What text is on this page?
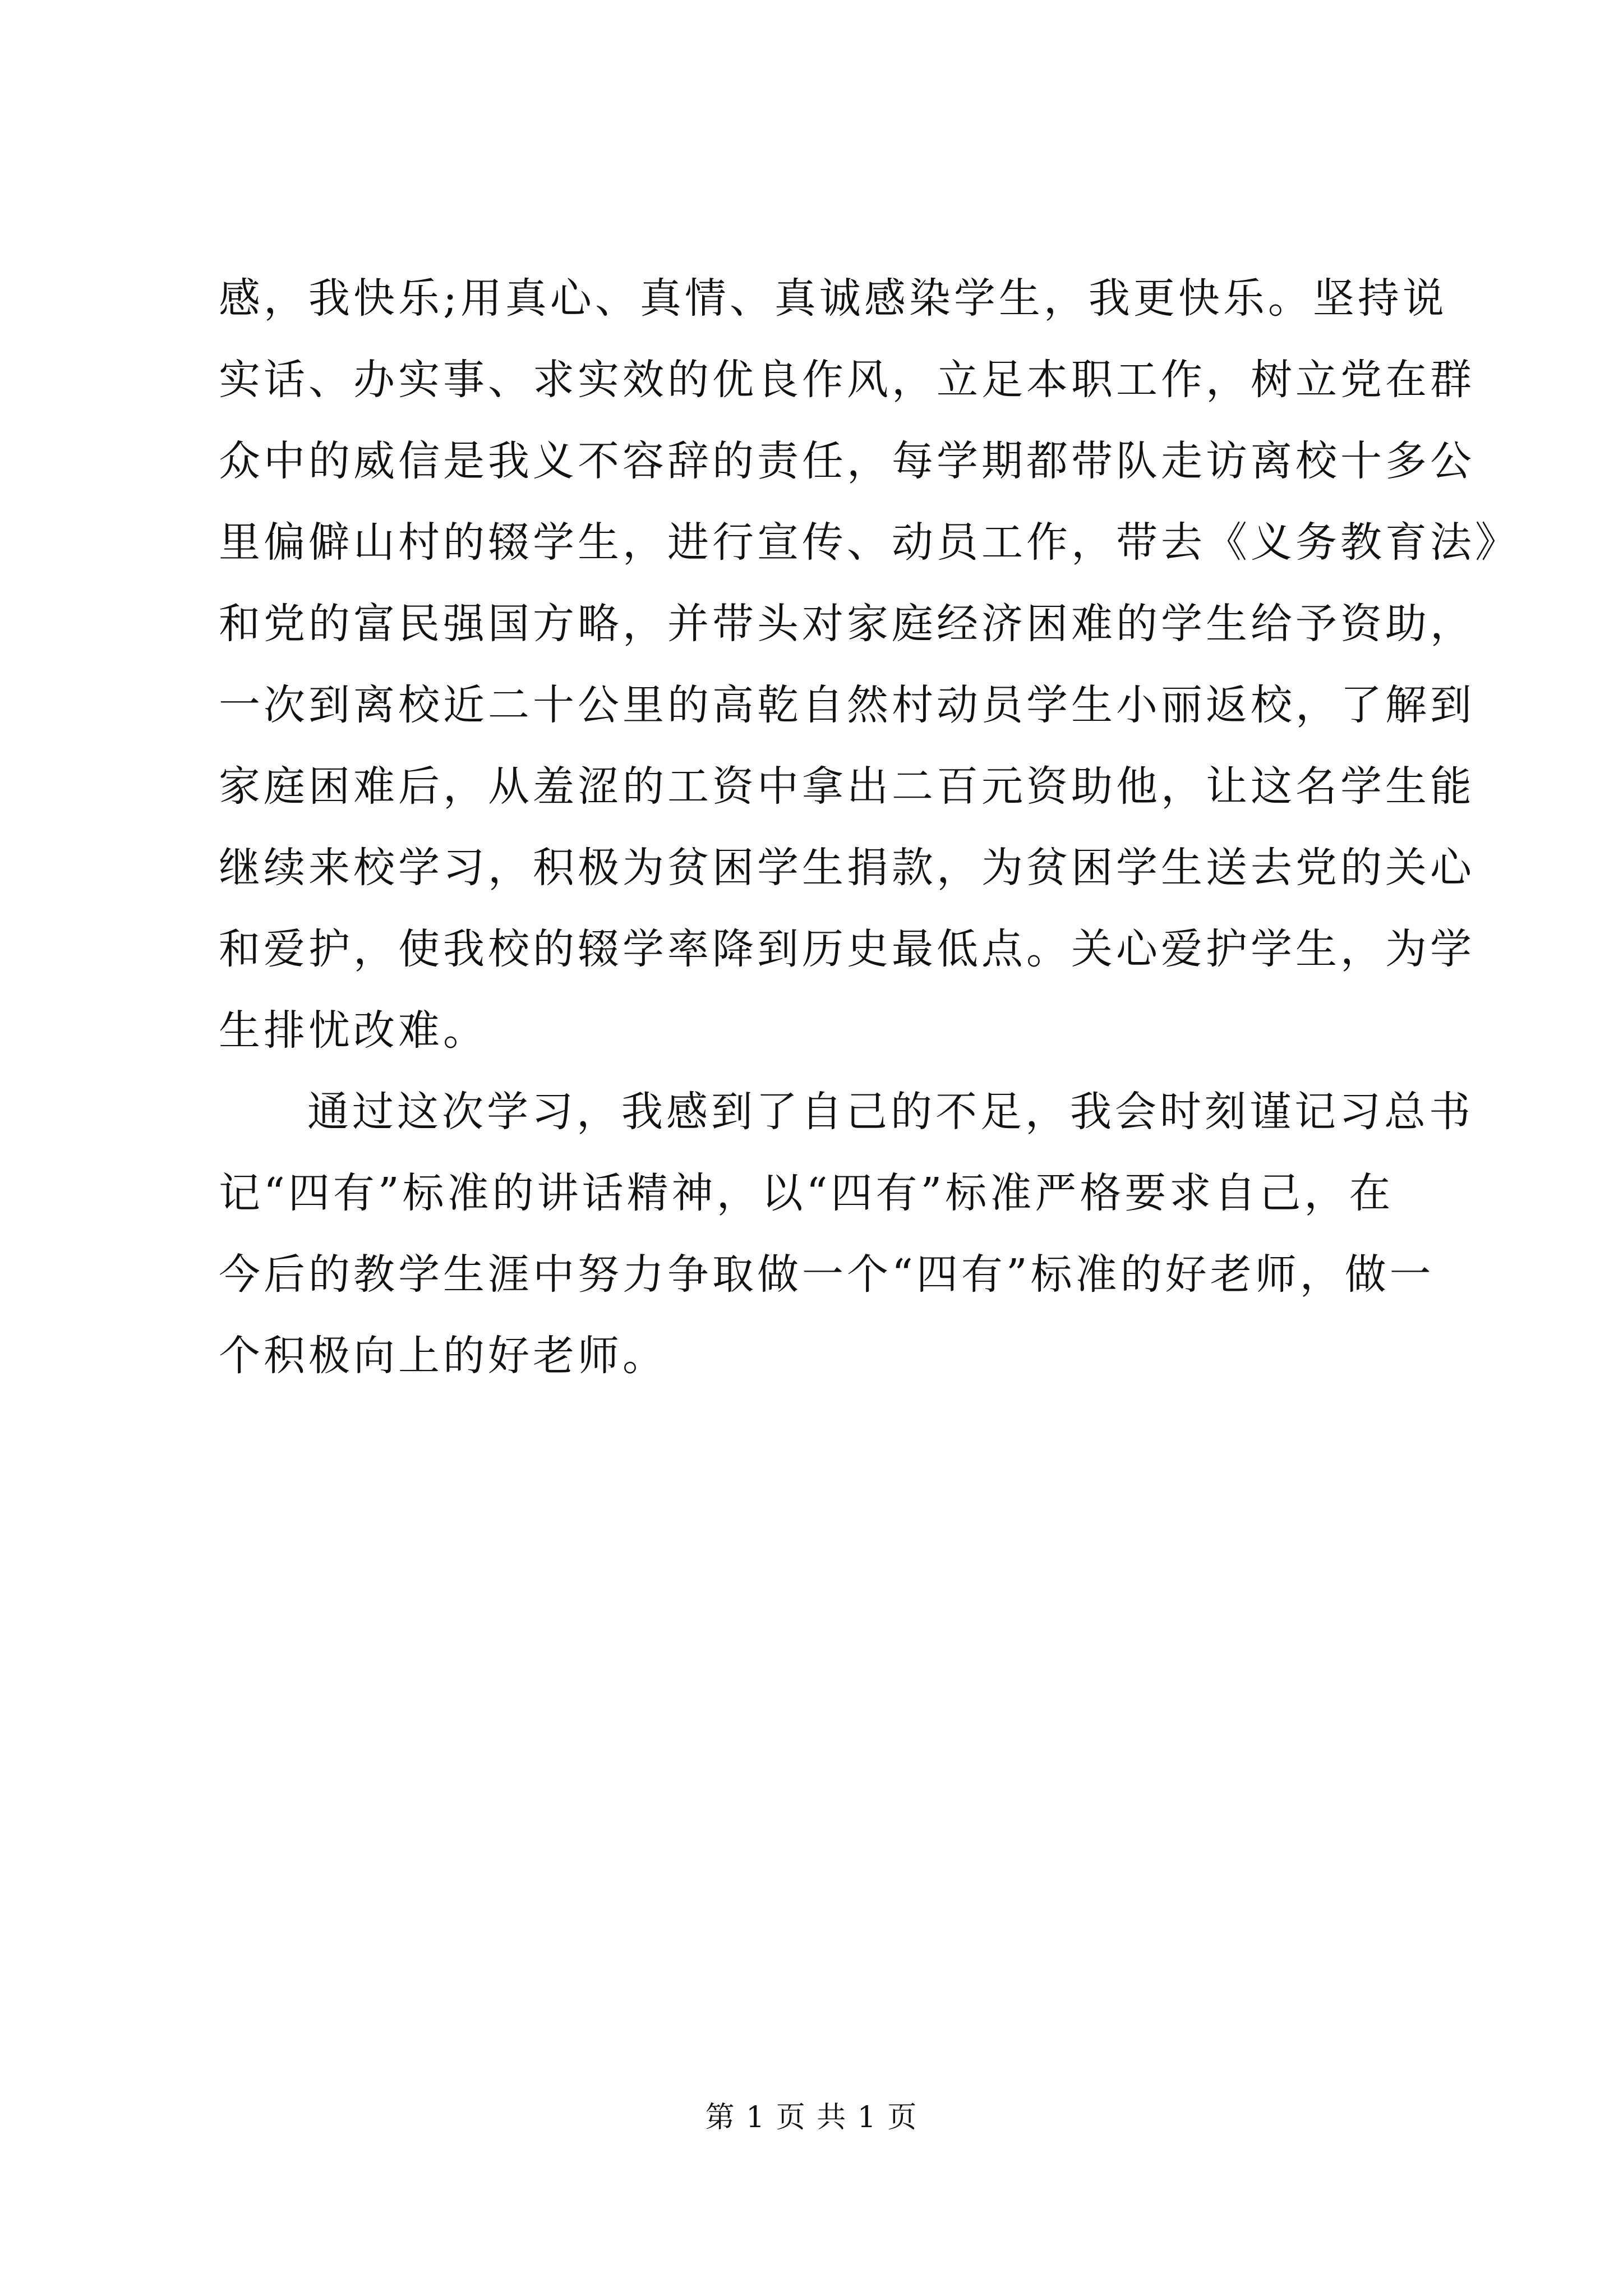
感，我快乐;用真心、真情、真诚感染学生，我更快乐。坚持说
实话、办实事、求实效的优良作风，立足本职工作，树立党在群
众中的威信是我义不容辞的责任，每学期都带队走访离校十多公
里偏僻山村的辍学生，进行宣传、动员工作，带去《义务教育法》
和党的富民强国方略，并带头对家庭经济困难的学生给予资助，
一次到离校近二十公里的高乾自然村动员学生小丽返校，了解到
家庭困难后，从羞涩的工资中拿出二百元资助他，让这名学生能
继续来校学习，积极为贫困学生捐款，为贫困学生送去党的关心
和爱护，使我校的辍学率降到历史最低点。关心爱护学生，为学
生排忧改难。
通过这次学习，我感到了自己的不足，我会时刻谨记习总书
记“四有”标准的讲话精神，以“四有”标准严格要求自己，在
今后的教学生涯中努力争取做一个“四有”标准的好老师，做一
个积极向上的好老师。
第 1 页 共 1 页
